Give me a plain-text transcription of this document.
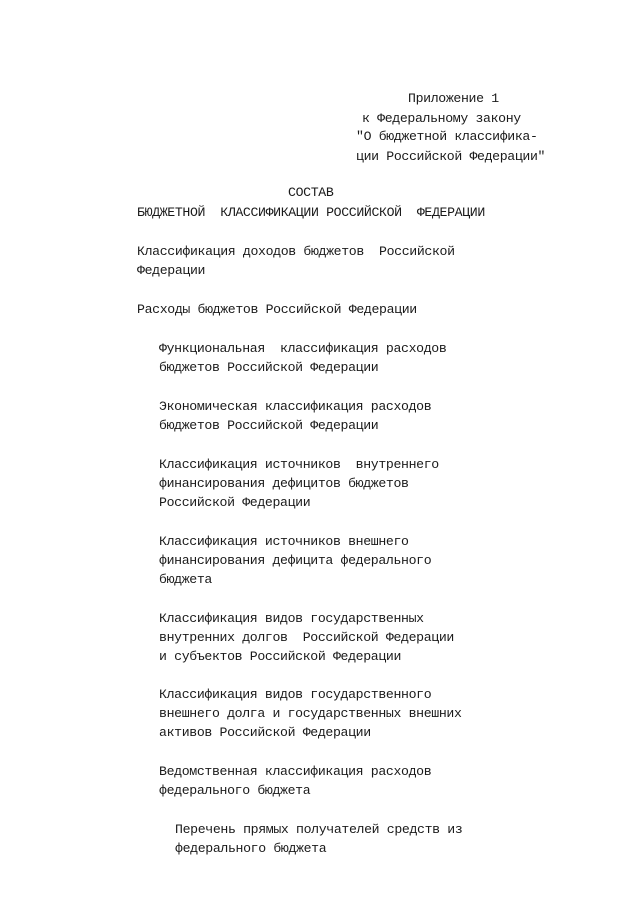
Приложение 1
к Федеральному закону
"О бюджетной классифика-
ции Российской Федерации"
СОСТАВ
БЮДЖЕТНОЙ  КЛАССИФИКАЦИИ РОССИЙСКОЙ  ФЕДЕРАЦИИ
Классификация доходов бюджетов  Российской
Федерации
Расходы бюджетов Российской Федерации
Функциональная  классификация расходов
бюджетов Российской Федерации
Экономическая классификация расходов
бюджетов Российской Федерации
Классификация источников  внутреннего
финансирования дефицитов бюджетов
Российской Федерации
Классификация источников внешнего
финансирования дефицита федерального
бюджета
Классификация видов государственных
внутренних долгов  Российской Федерации
и субъектов Российской Федерации
Классификация видов государственного
внешнего долга и государственных внешних
активов Российской Федерации
Ведомственная классификация расходов
федерального бюджета
Перечень прямых получателей средств из
федерального бюджета
